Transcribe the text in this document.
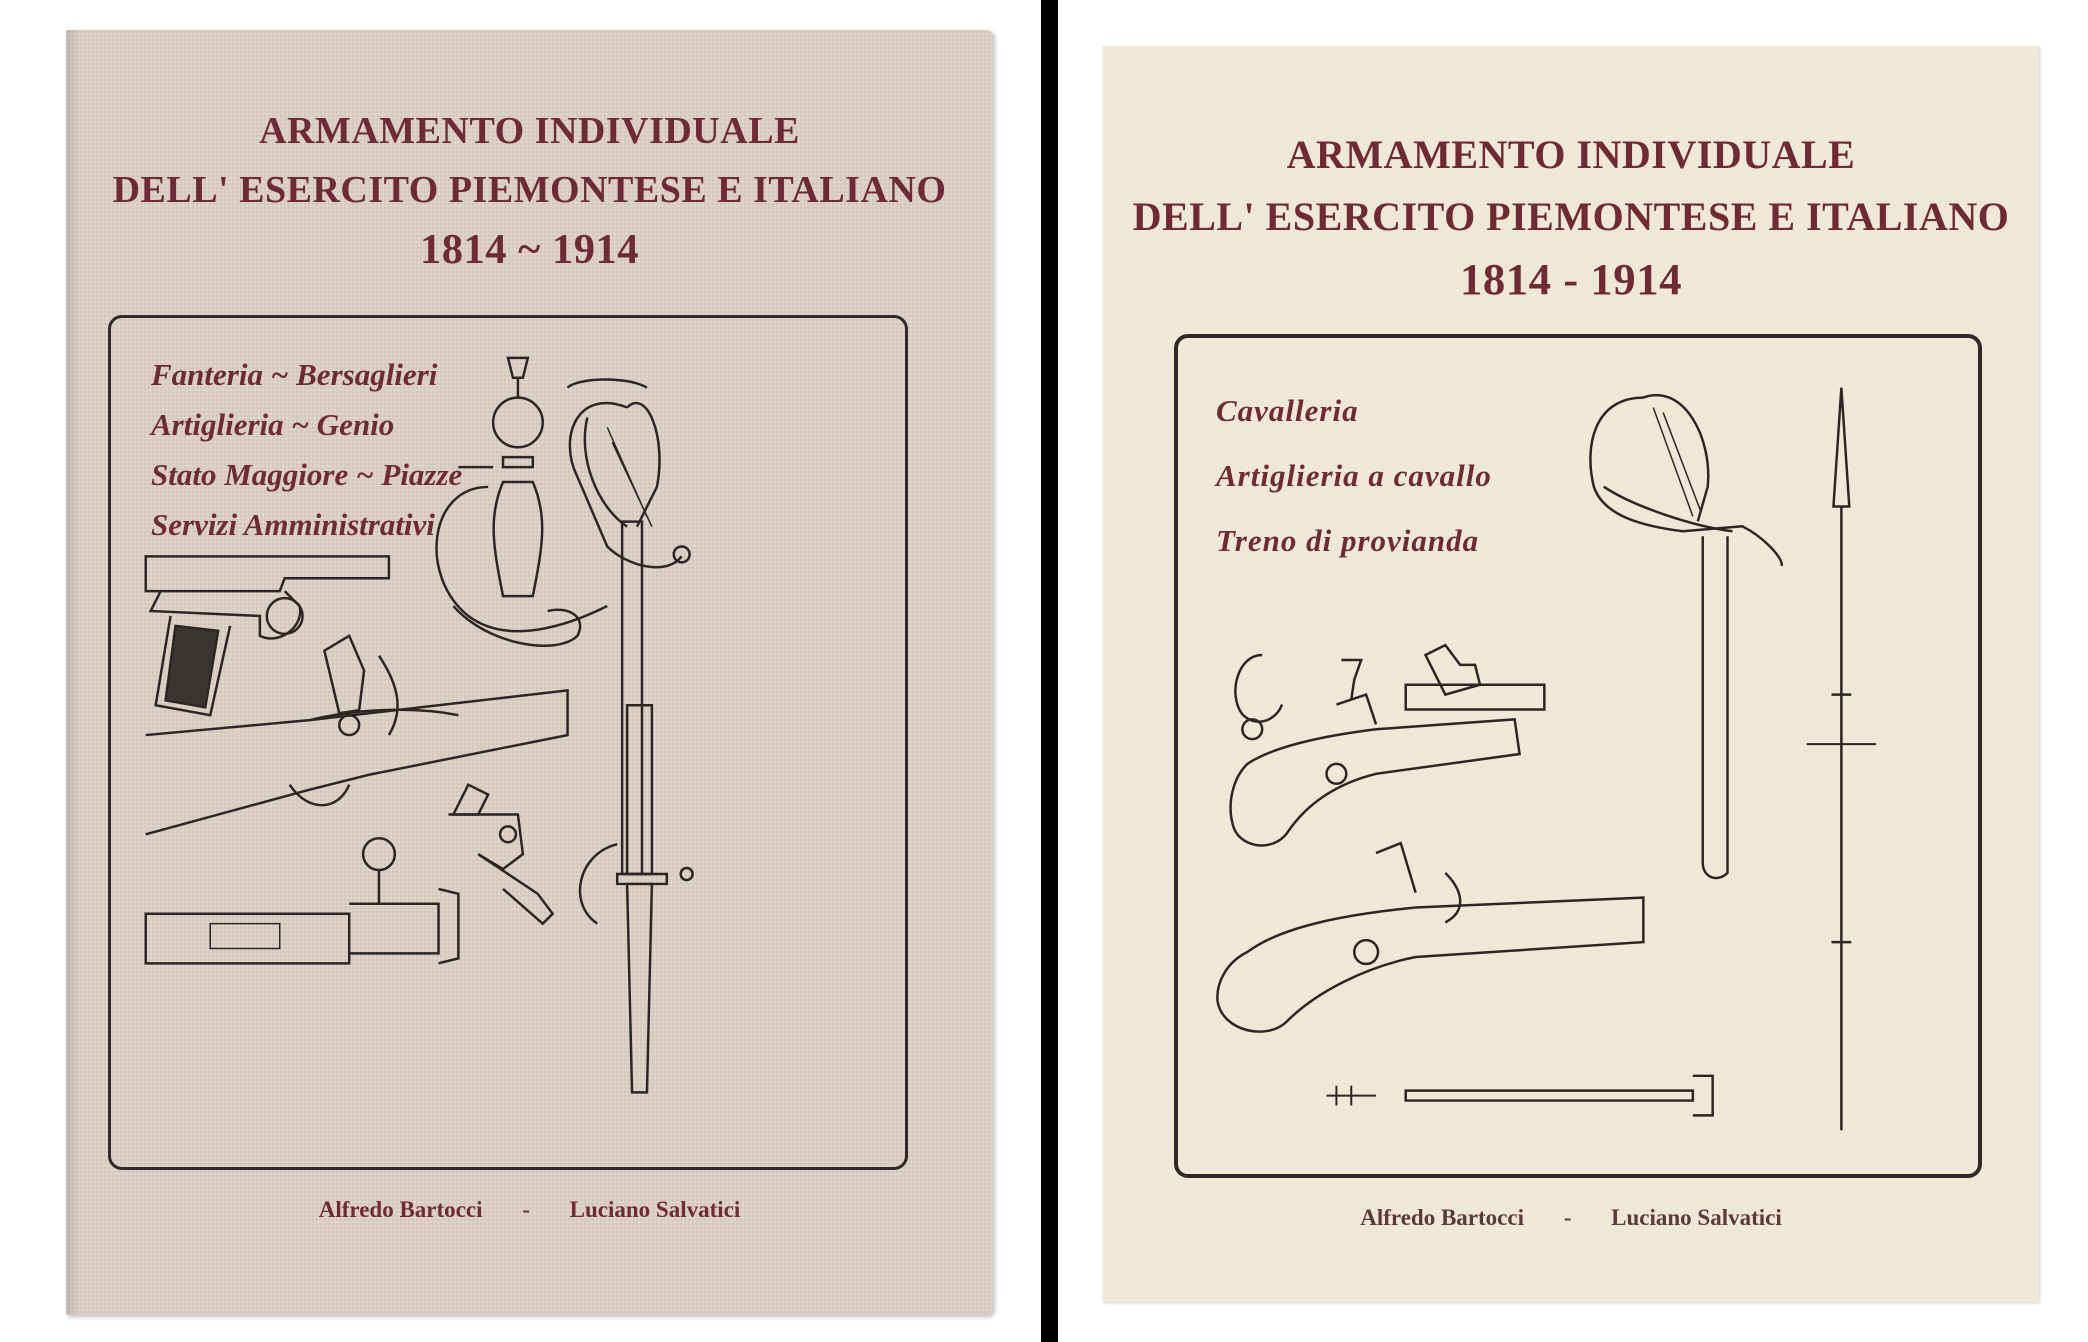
ARMAMENTO INDIVIDUALE
DELL' ESERCITO PIEMONTESE E ITALIANO
1814 ~ 1914
Fanteria ~ Bersaglieri
Artiglieria ~ Genio
Stato Maggiore ~ Piazze
Servizi Amministrativi
Alfredo Bartocci - Luciano Salvatici
ARMAMENTO INDIVIDUALE
DELL' ESERCITO PIEMONTESE E ITALIANO
1814 - 1914
Cavalleria
Artiglieria a cavallo
Treno di provianda
Alfredo Bartocci - Luciano Salvatici
